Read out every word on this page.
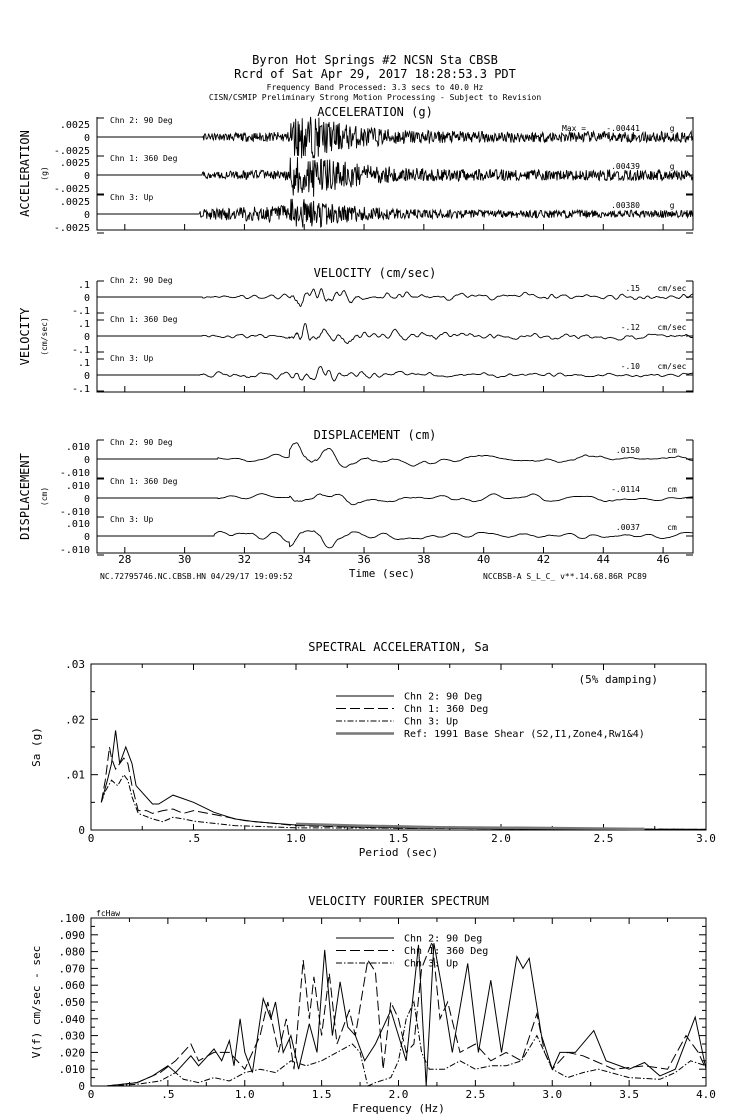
Byron Hot Springs #2 NCSN Sta CBSB
Rcrd of Sat Apr 29, 2017 18:28:53.3 PDT
Frequency Band Processed: 3.3 secs to 40.0 Hz
CISN/CSMIP Preliminary Strong Motion Processing - Subject to Revision
ACCELERATION (g)
ACCELERATION (g)
.0025
0
-.0025
Chn 2: 90 Deg
Max =	-.00441	g
.0025
0
-.0025
Chn 1: 360 Deg
.00439	g
.0025
0
-.0025
Chn 3: Up
.00380	g
VELOCITY (cm/sec)
VELOCITY (cm/sec)
.1
0
-.1
Chn 2: 90 Deg
.15 cm/sec
.1
0
-.1
Chn 1: 360 Deg
-.12 cm/sec
.1
0
-.1
Chn 3: Up
-.10 cm/sec
DISPLACEMENT (cm)
DISPLACEMENT (cm)
.010
0
-.010
Chn 2: 90 Deg
.0150	cm
.010
0
-.010
Chn 1: 360 Deg
-.0114	cm
.010
0
-.010
Chn 3: Up
.0037	cm
28	30	32	34	36	38	40	42	44	46
Time (sec)
NC.72795746.NC.CBSB.HN 04/29/17 19:09:52	NCCBSB-A S_L_C_ v**.14.68.86R PC89
SPECTRAL ACCELERATION, Sa
0	.5	1.0	1.5	2.0	2.5	3.0
0
.01
.02
.03
Period (sec)
Sa (g)
(5% damping)
Chn 2: 90 Deg
Chn 1: 360 Deg
Chn 3: Up
Ref: 1991 Base Shear (S2,I1,Zone4,Rw1&4)
VELOCITY FOURIER SPECTRUM
0	.5	1.0	1.5	2.0	2.5	3.0	3.5	4.0
0
.010
.020
.030
.040
.050
.060
.070
.080
.090
.100
Frequency (Hz)
V(f) cm/sec - sec
fcHaw
Chn 2: 90 Deg
Chn 1: 360 Deg
Chn 3: Up
